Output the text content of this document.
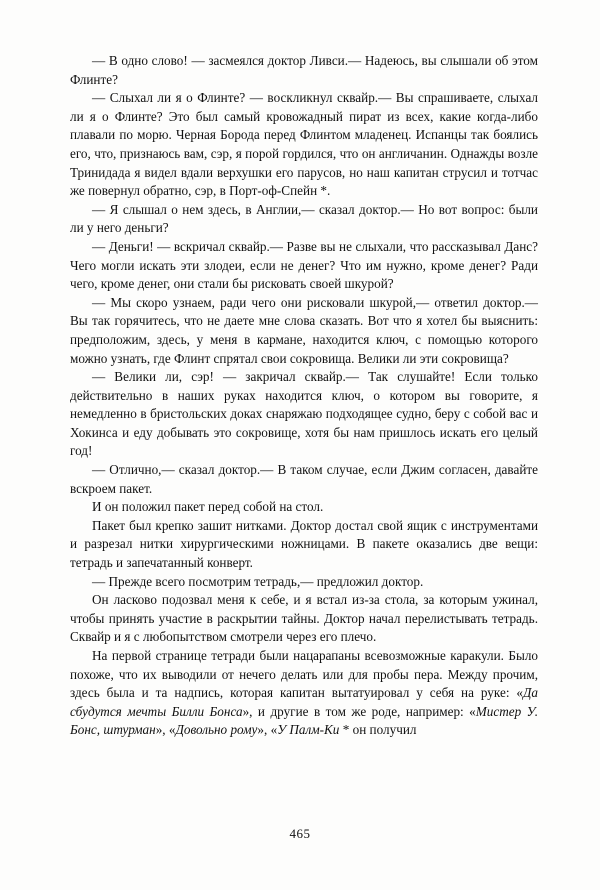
— В одно слово! — засмеялся доктор Ливси.— Надеюсь, вы слышали об этом Флинте?

— Слыхал ли я о Флинте? — воскликнул сквайр.— Вы спрашиваете, слыхал ли я о Флинте? Это был самый кровожадный пират из всех, какие когда-либо плавали по морю. Черная Борода перед Флинтом младенец. Испанцы так боялись его, что, признаюсь вам, сэр, я порой гордился, что он англичанин. Однажды возле Тринидада я видел вдали верхушки его парусов, но наш капитан струсил и тотчас же повернул обратно, сэр, в Порт-оф-Спейн *.

— Я слышал о нем здесь, в Англии,— сказал доктор.— Но вот вопрос: были ли у него деньги?

— Деньги! — вскричал сквайр.— Разве вы не слыхали, что рассказывал Данс? Чего могли искать эти злодеи, если не денег? Что им нужно, кроме денег? Ради чего, кроме денег, они стали бы рисковать своей шкурой?

— Мы скоро узнаем, ради чего они рисковали шкурой,— ответил доктор.— Вы так горячитесь, что не даете мне слова сказать. Вот что я хотел бы выяснить: предположим, здесь, у меня в кармане, находится ключ, с помощью которого можно узнать, где Флинт спрятал свои сокровища. Велики ли эти сокровища?

— Велики ли, сэр! — закричал сквайр.— Так слушайте! Если только действительно в наших руках находится ключ, о котором вы говорите, я немедленно в бристольских доках снаряжаю подходящее судно, беру с собой вас и Хокинса и еду добывать это сокровище, хотя бы нам пришлось искать его целый год!

— Отлично,— сказал доктор.— В таком случае, если Джим согласен, давайте вскроем пакет.

И он положил пакет перед собой на стол.

Пакет был крепко зашит нитками. Доктор достал свой ящик с инструментами и разрезал нитки хирургическими ножницами. В пакете оказались две вещи: тетрадь и запечатанный конверт.

— Прежде всего посмотрим тетрадь,— предложил доктор.

Он ласково подозвал меня к себе, и я встал из-за стола, за которым ужинал, чтобы принять участие в раскрытии тайны. Доктор начал перелистывать тетрадь. Сквайр и я с любопытством смотрели через его плечо.

На первой странице тетради были нацарапаны всевозможные каракули. Было похоже, что их выводили от нечего делать или для пробы пера. Между прочим, здесь была и та надпись, которая капитан вытатуировал у себя на руке: «Да сбудутся мечты Билли Бонса», и другие в том же роде, например: «Мистер У. Бонс, штурман», «Довольно рому», «У Палм-Ки * он получил

465
